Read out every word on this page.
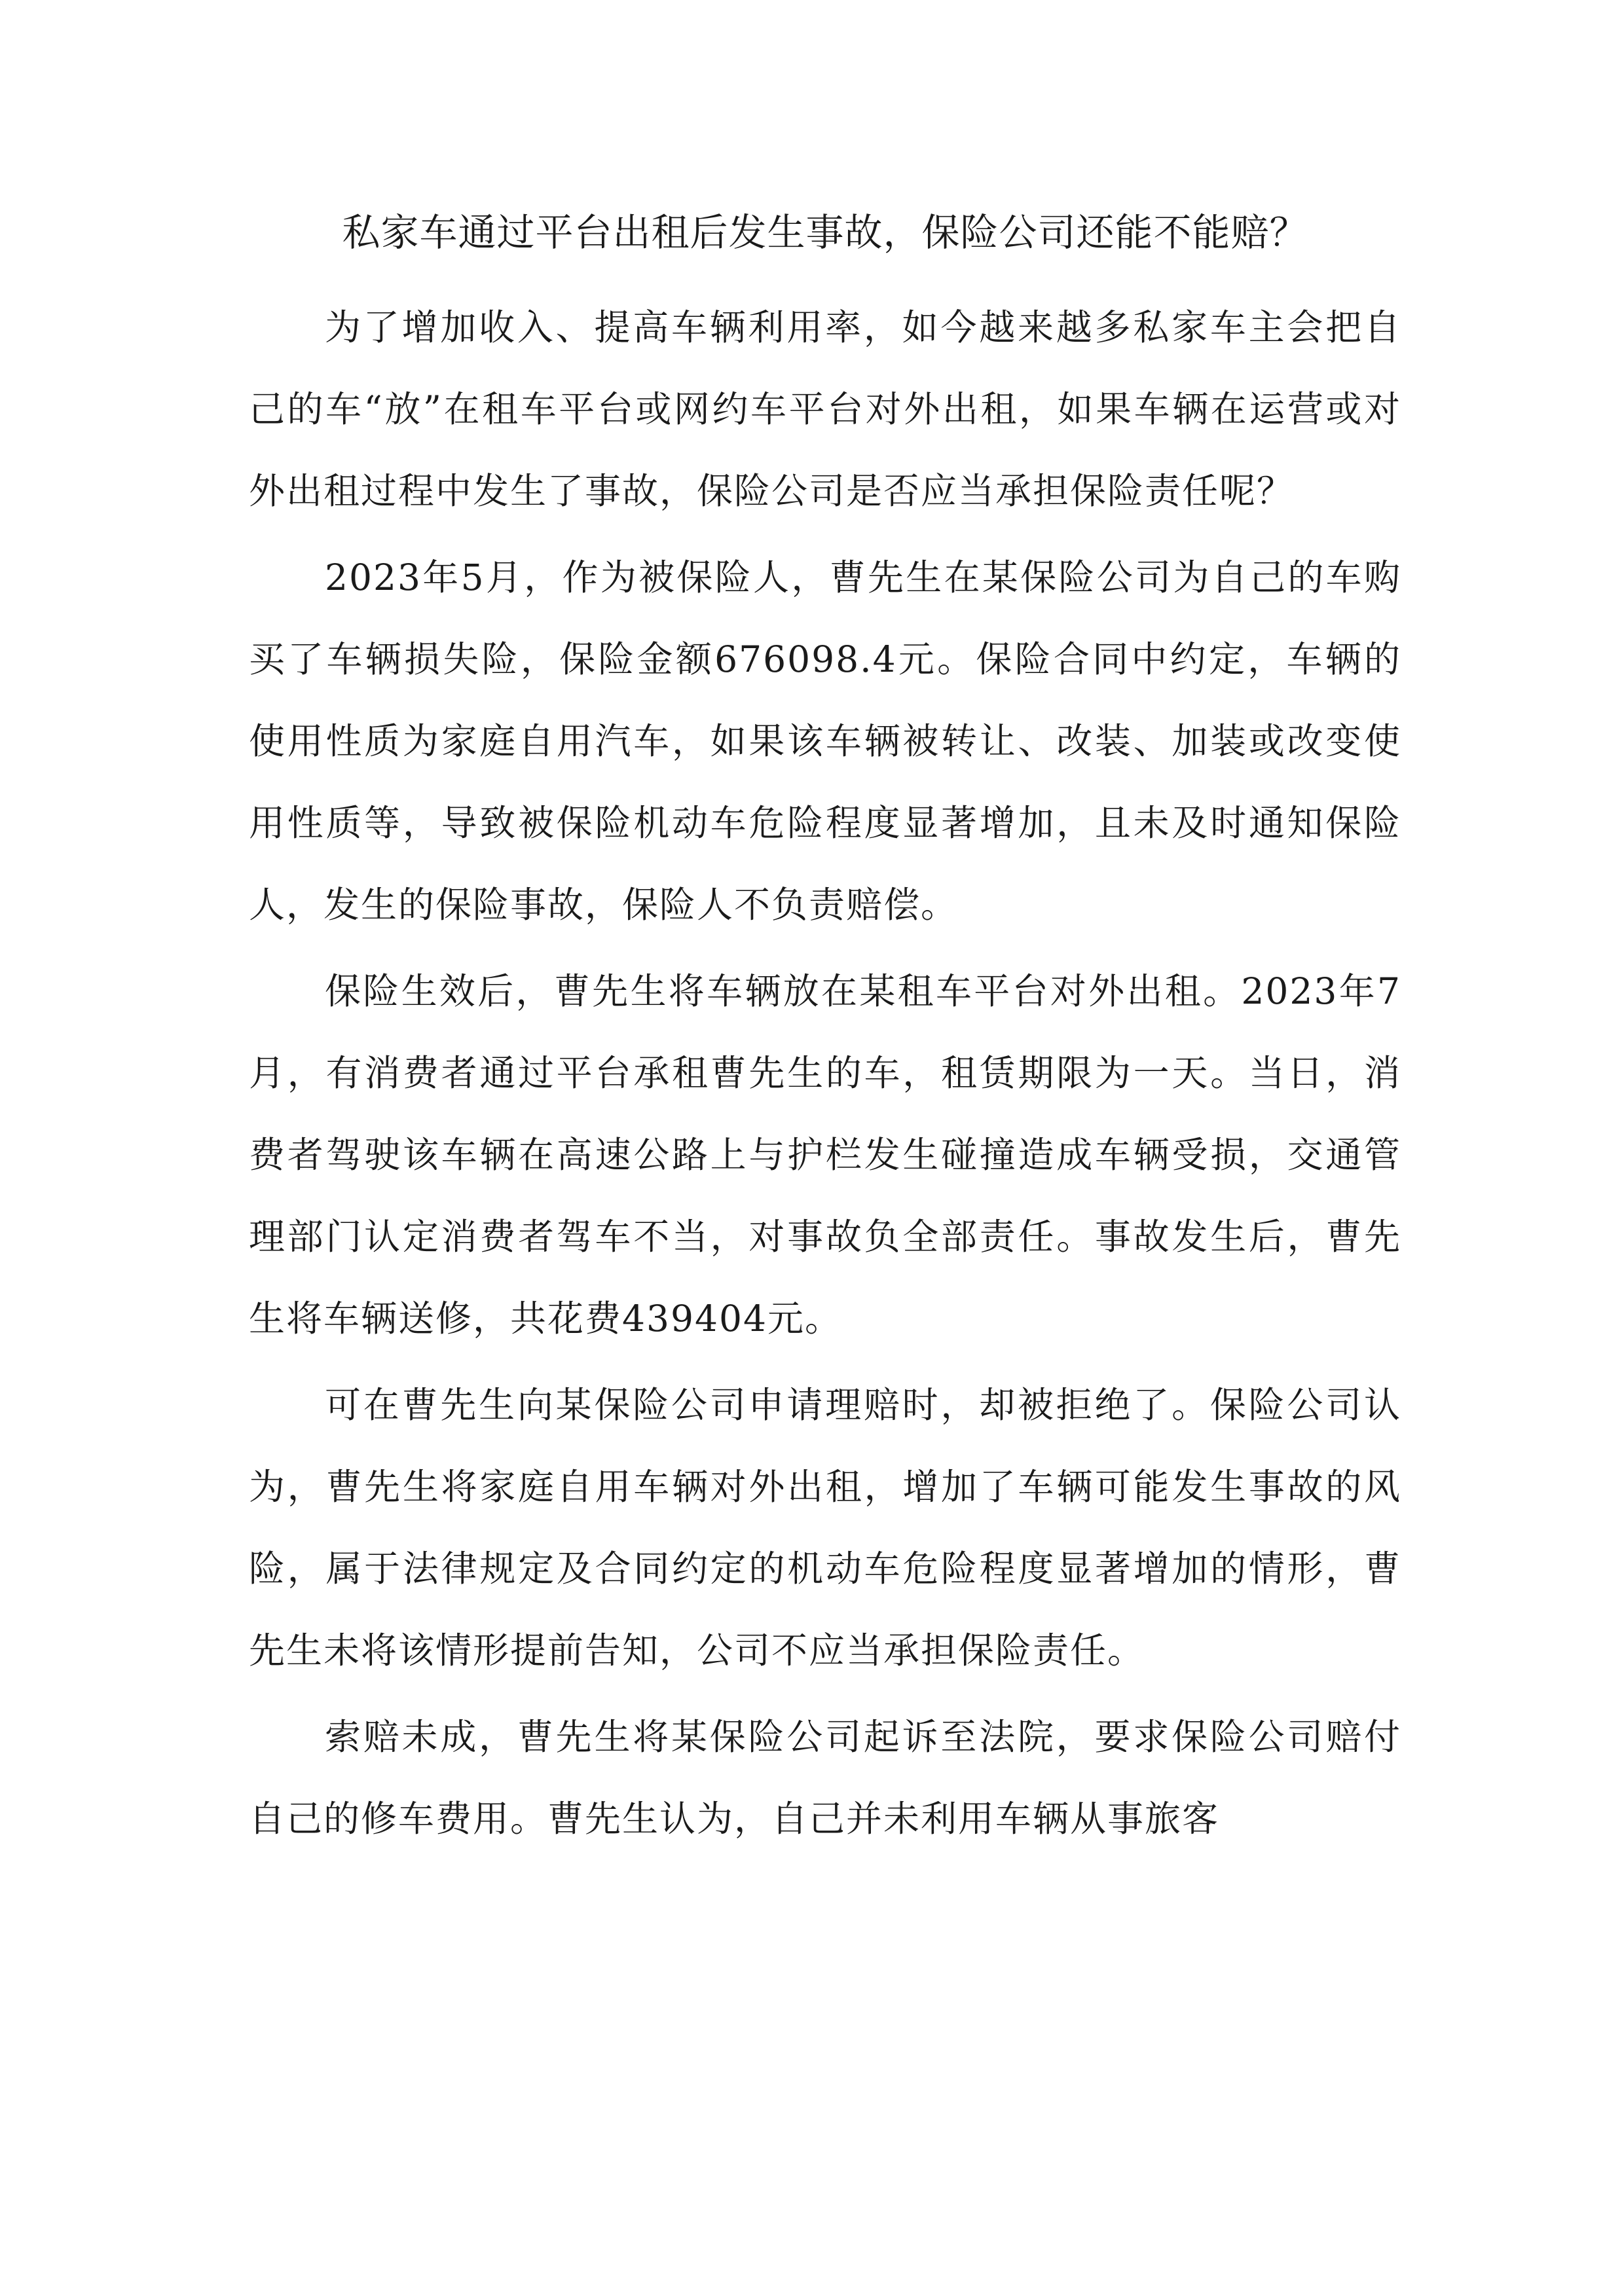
私家车通过平台出租后发生事故，保险公司还能不能赔？

为了增加收入、提高车辆利用率，如今越来越多私家车主会把自己的车“放”在租车平台或网约车平台对外出租，如果车辆在运营或对外出租过程中发生了事故，保险公司是否应当承担保险责任呢？

2023年5月，作为被保险人，曹先生在某保险公司为自己的车购买了车辆损失险，保险金额676098.4元。保险合同中约定，车辆的使用性质为家庭自用汽车，如果该车辆被转让、改装、加装或改变使用性质等，导致被保险机动车危险程度显著增加，且未及时通知保险人，发生的保险事故，保险人不负责赔偿。

保险生效后，曹先生将车辆放在某租车平台对外出租。2023年7月，有消费者通过平台承租曹先生的车，租赁期限为一天。当日，消费者驾驶该车辆在高速公路上与护栏发生碰撞造成车辆受损，交通管理部门认定消费者驾车不当，对事故负全部责任。事故发生后，曹先生将车辆送修，共花费439404元。

可在曹先生向某保险公司申请理赔时，却被拒绝了。保险公司认为，曹先生将家庭自用车辆对外出租，增加了车辆可能发生事故的风险，属于法律规定及合同约定的机动车危险程度显著增加的情形，曹先生未将该情形提前告知，公司不应当承担保险责任。

索赔未成，曹先生将某保险公司起诉至法院，要求保险公司赔付自己的修车费用。曹先生认为，自己并未利用车辆从事旅客
